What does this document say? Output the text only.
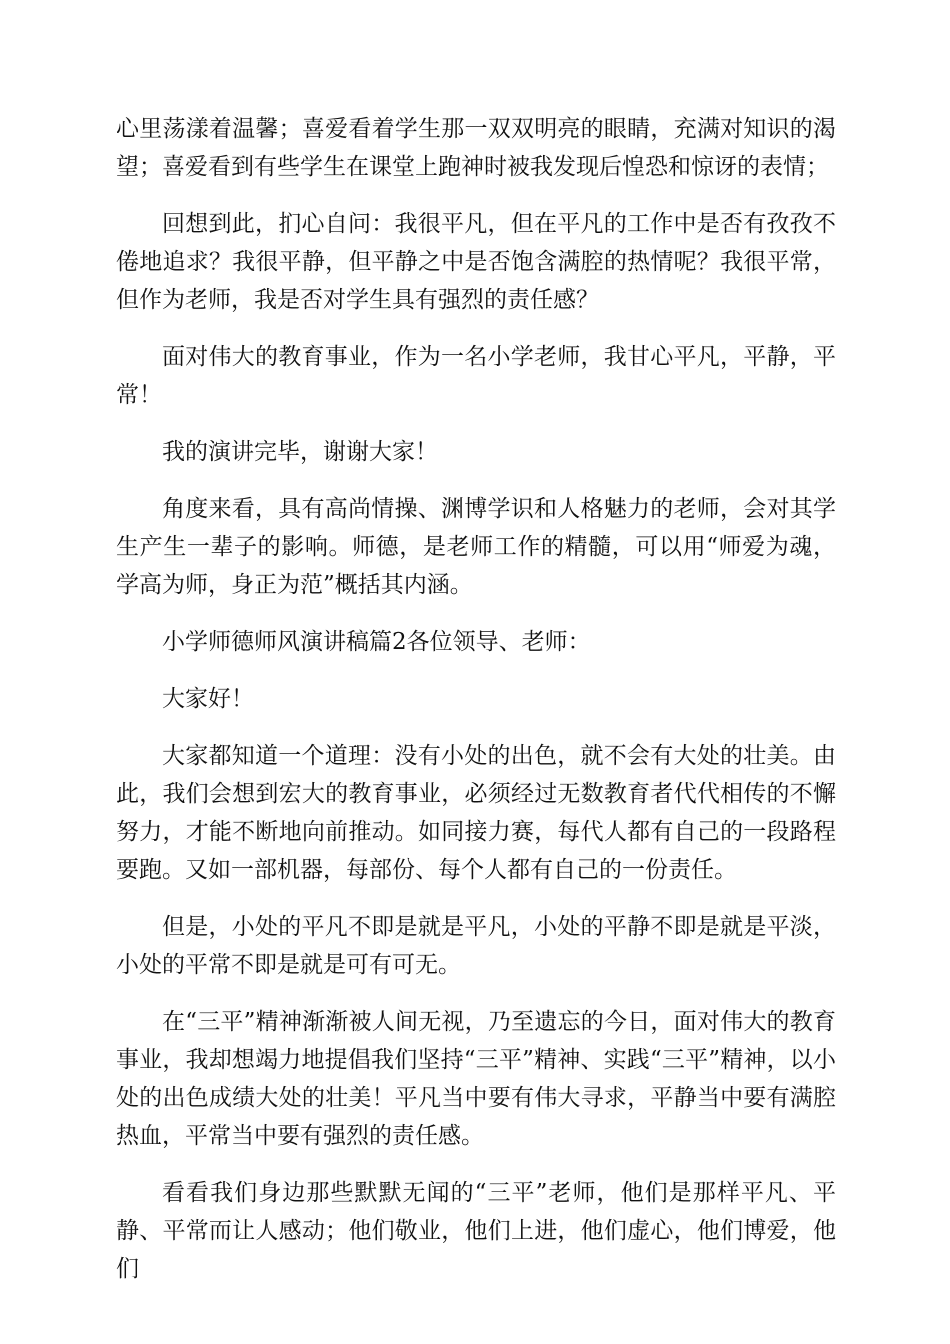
心里荡漾着温馨；喜爱看着学生那一双双明亮的眼睛，充满对知识的渴望；喜爱看到有些学生在课堂上跑神时被我发现后惶恐和惊讶的表情；

回想到此，扪心自问：我很平凡，但在平凡的工作中是否有孜孜不倦地追求？我很平静，但平静之中是否饱含满腔的热情呢？我很平常，但作为老师，我是否对学生具有强烈的责任感？

面对伟大的教育事业，作为一名小学老师，我甘心平凡，平静，平常！

我的演讲完毕，谢谢大家！

角度来看，具有高尚情操、渊博学识和人格魅力的老师，会对其学生产生一辈子的影响。师德，是老师工作的精髓，可以用“师爱为魂，学高为师，身正为范”概括其内涵。

小学师德师风演讲稿篇2各位领导、老师：

大家好！

大家都知道一个道理：没有小处的出色，就不会有大处的壮美。由此，我们会想到宏大的教育事业，必须经过无数教育者代代相传的不懈努力，才能不断地向前推动。如同接力赛，每代人都有自己的一段路程要跑。又如一部机器，每部份、每个人都有自己的一份责任。

但是，小处的平凡不即是就是平凡，小处的平静不即是就是平淡，小处的平常不即是就是可有可无。

在“三平”精神渐渐被人间无视，乃至遗忘的今日，面对伟大的教育事业，我却想竭力地提倡我们坚持“三平”精神、实践“三平”精神，以小处的出色成绩大处的壮美！平凡当中要有伟大寻求，平静当中要有满腔热血，平常当中要有强烈的责任感。

看看我们身边那些默默无闻的“三平”老师，他们是那样平凡、平静、平常而让人感动；他们敬业，他们上进，他们虚心，他们博爱，他们
